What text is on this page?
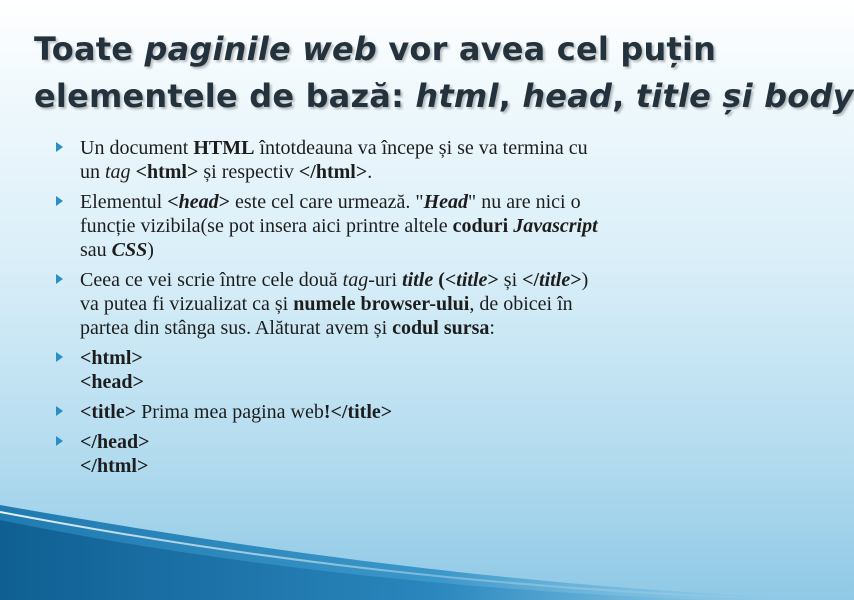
Toate paginile web vor avea cel puțin
elementele de bază: html, head, title și body
Un document HTML întotdeauna va începe și se va termina cu
un tag <html> și respectiv </html>.
Elementul <head> este cel care urmează. "Head" nu are nici o
funcție vizibila(se pot insera aici printre altele coduri Javascript
sau CSS)
Ceea ce vei scrie între cele două tag-uri title (<title> și </title>)
va putea fi vizualizat ca și numele browser-ului, de obicei în
partea din stânga sus. Alăturat avem și codul sursa:
<html>
<head>
<title> Prima mea pagina web!</title>
</head>
</html>
